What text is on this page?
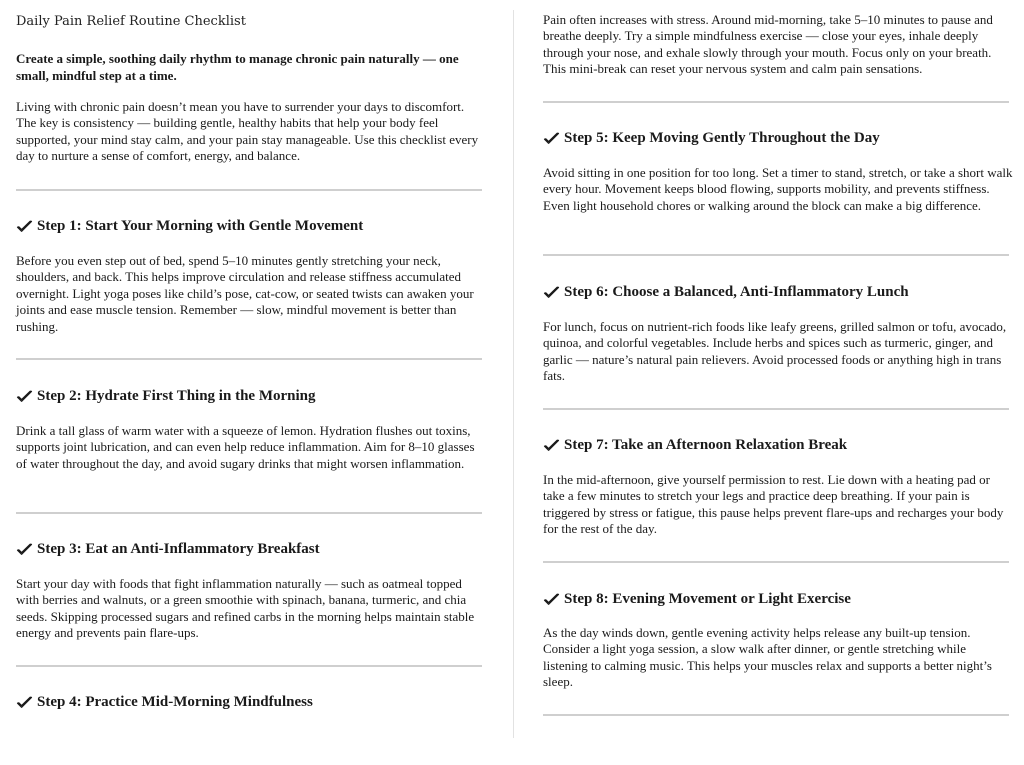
Daily Pain Relief Routine Checklist

Create a simple, soothing daily rhythm to manage chronic pain naturally — one small, mindful step at a time.

Living with chronic pain doesn’t mean you have to surrender your days to discomfort. The key is consistency — building gentle, healthy habits that help your body feel supported, your mind stay calm, and your pain stay manageable. Use this checklist every day to nurture a sense of comfort, energy, and balance.

Step 1: Start Your Morning with Gentle Movement

Before you even step out of bed, spend 5–10 minutes gently stretching your neck, shoulders, and back. This helps improve circulation and release stiffness accumulated overnight. Light yoga poses like child’s pose, cat-cow, or seated twists can awaken your joints and ease muscle tension. Remember — slow, mindful movement is better than rushing.

Step 2: Hydrate First Thing in the Morning

Drink a tall glass of warm water with a squeeze of lemon. Hydration flushes out toxins, supports joint lubrication, and can even help reduce inflammation. Aim for 8–10 glasses of water throughout the day, and avoid sugary drinks that might worsen inflammation.

Step 3: Eat an Anti-Inflammatory Breakfast

Start your day with foods that fight inflammation naturally — such as oatmeal topped with berries and walnuts, or a green smoothie with spinach, banana, turmeric, and chia seeds. Skipping processed sugars and refined carbs in the morning helps maintain stable energy and prevents pain flare-ups.

Step 4: Practice Mid-Morning Mindfulness

Pain often increases with stress. Around mid-morning, take 5–10 minutes to pause and breathe deeply. Try a simple mindfulness exercise — close your eyes, inhale deeply through your nose, and exhale slowly through your mouth. Focus only on your breath. This mini-break can reset your nervous system and calm pain sensations.

Step 5: Keep Moving Gently Throughout the Day

Avoid sitting in one position for too long. Set a timer to stand, stretch, or take a short walk every hour. Movement keeps blood flowing, supports mobility, and prevents stiffness. Even light household chores or walking around the block can make a big difference.

Step 6: Choose a Balanced, Anti-Inflammatory Lunch

For lunch, focus on nutrient-rich foods like leafy greens, grilled salmon or tofu, avocado, quinoa, and colorful vegetables. Include herbs and spices such as turmeric, ginger, and garlic — nature’s natural pain relievers. Avoid processed foods or anything high in trans fats.

Step 7: Take an Afternoon Relaxation Break

In the mid-afternoon, give yourself permission to rest. Lie down with a heating pad or take a few minutes to stretch your legs and practice deep breathing. If your pain is triggered by stress or fatigue, this pause helps prevent flare-ups and recharges your body for the rest of the day.

Step 8: Evening Movement or Light Exercise

As the day winds down, gentle evening activity helps release any built-up tension. Consider a light yoga session, a slow walk after dinner, or gentle stretching while listening to calming music. This helps your muscles relax and supports a better night’s sleep.
